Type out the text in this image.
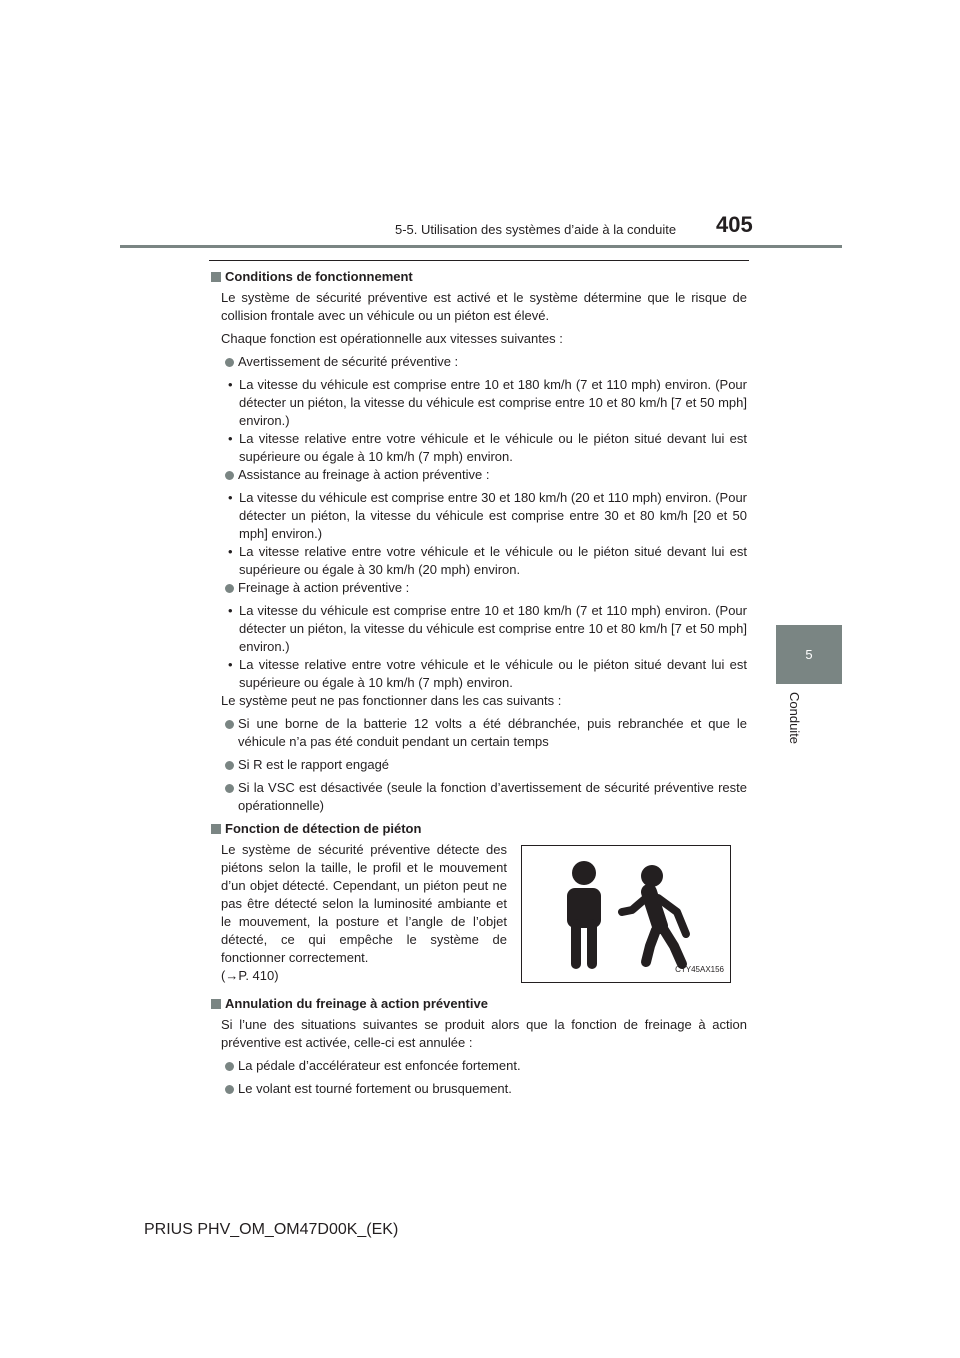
5-5. Utilisation des systèmes d’aide à la conduite 405
5
Conduite

Conditions de fonctionnement

Le système de sécurité préventive est activé et le système détermine que le risque de collision frontale avec un véhicule ou un piéton est élevé.

Chaque fonction est opérationnelle aux vitesses suivantes :

Avertissement de sécurité préventive :

• La vitesse du véhicule est comprise entre 10 et 180 km/h (7 et 110 mph) environ. (Pour détecter un piéton, la vitesse du véhicule est comprise entre 10 et 80 km/h [7 et 50 mph] environ.)

• La vitesse relative entre votre véhicule et le véhicule ou le piéton situé devant lui est supérieure ou égale à 10 km/h (7 mph) environ.

Assistance au freinage à action préventive :

• La vitesse du véhicule est comprise entre 30 et 180 km/h (20 et 110 mph) environ. (Pour détecter un piéton, la vitesse du véhicule est comprise entre 30 et 80 km/h [20 et 50 mph] environ.)

• La vitesse relative entre votre véhicule et le véhicule ou le piéton situé devant lui est supérieure ou égale à 30 km/h (20 mph) environ.

Freinage à action préventive :

• La vitesse du véhicule est comprise entre 10 et 180 km/h (7 et 110 mph) environ. (Pour détecter un piéton, la vitesse du véhicule est comprise entre 10 et 80 km/h [7 et 50 mph] environ.)

• La vitesse relative entre votre véhicule et le véhicule ou le piéton situé devant lui est supérieure ou égale à 10 km/h (7 mph) environ.

Le système peut ne pas fonctionner dans les cas suivants :

Si une borne de la batterie 12 volts a été débranchée, puis rebranchée et que le véhicule n’a pas été conduit pendant un certain temps

Si R est le rapport engagé

Si la VSC est désactivée (seule la fonction d’avertissement de sécurité préventive reste opérationnelle)

Fonction de détection de piéton

Le système de sécurité préventive détecte des piétons selon la taille, le profil et le mouvement d’un objet détecté. Cependant, un piéton peut ne pas être détecté selon la luminosité ambiante et le mouvement, la posture et l’angle de l’objet détecté, ce qui empêche le système de fonctionner correctement.

(→P. 410)	CTY45AX156

Annulation du freinage à action préventive

Si l’une des situations suivantes se produit alors que la fonction de freinage à action préventive est activée, celle-ci est annulée :

La pédale d’accélérateur est enfoncée fortement.

Le volant est tourné fortement ou brusquement.

PRIUS PHV_OM_OM47D00K_(EK)
